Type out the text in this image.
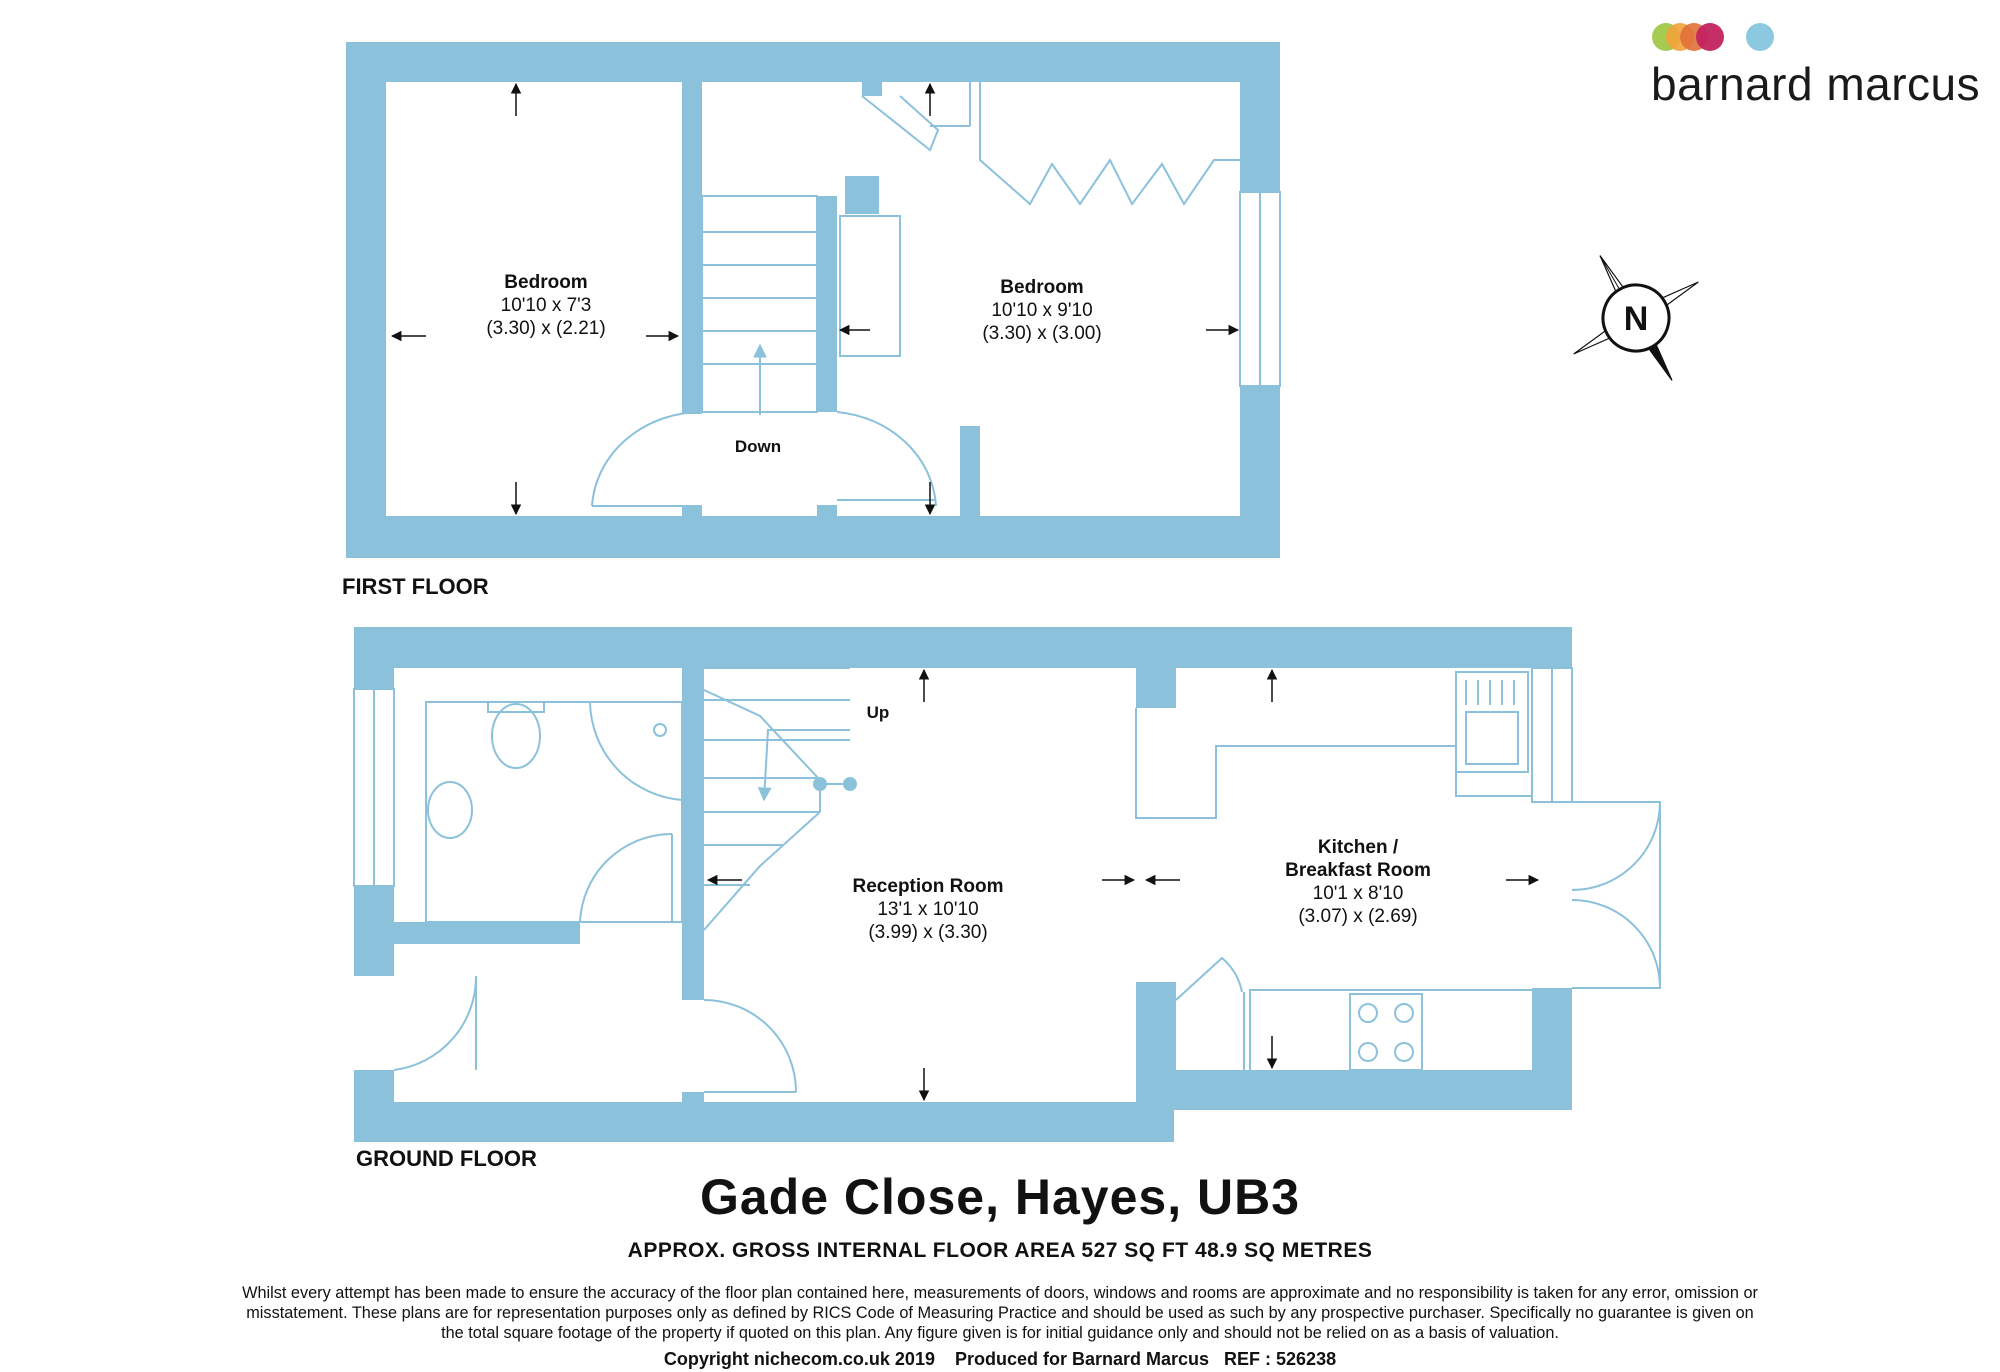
barnard marcus
N
Bedroom
10'10 x 7'3
(3.30) x (2.21)
Bedroom
10'10 x 9'10
(3.30) x (3.00)
Down
FIRST FLOOR
Reception Room
13'1 x 10'10
(3.99) x (3.30)
Kitchen /
Breakfast Room
10'1 x 8'10
(3.07) x (2.69)
Up
GROUND FLOOR
Gade Close, Hayes, UB3
APPROX. GROSS INTERNAL FLOOR AREA 527 SQ FT 48.9 SQ METRES
Whilst every attempt has been made to ensure the accuracy of the floor plan contained here, measurements of doors, windows and rooms are approximate and no responsibility is taken for any error, omission or misstatement. These plans are for representation purposes only as defined by RICS Code of Measuring Practice and should be used as such by any prospective purchaser. Specifically no guarantee is given on the total square footage of the property if quoted on this plan. Any figure given is for initial guidance only and should not be relied on as a basis of valuation.
Copyright nichecom.co.uk 2019    Produced for Barnard Marcus   REF : 526238
